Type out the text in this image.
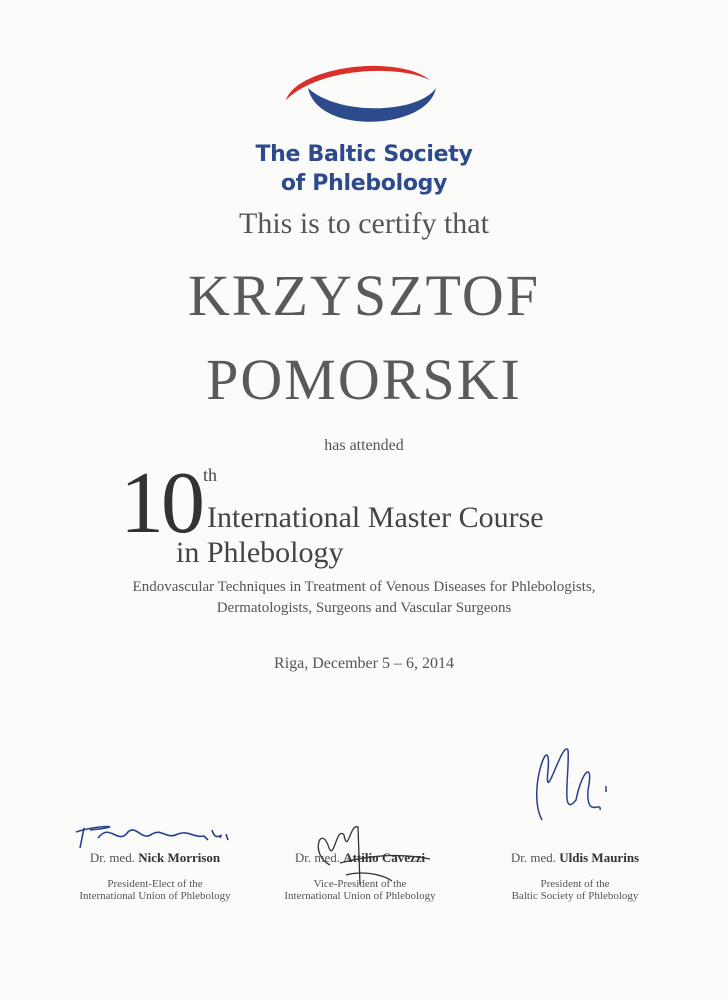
The Baltic Society
of Phlebology
This is to certify that
KRZYSZTOF
POMORSKI
has attended
10 th
International Master Course
in Phlebology
Endovascular Techniques in Treatment of Venous Diseases for Phlebologists,
Dermatologists, Surgeons and Vascular Surgeons
Riga, December 5 – 6, 2014
Dr. med. Nick Morrison
President-Elect of the
International Union of Phlebology
Dr. med. Attilio Cavezzi
Vice-President of the
International Union of Phlebology
Dr. med. Uldis Maurins
President of the
Baltic Society of Phlebology
